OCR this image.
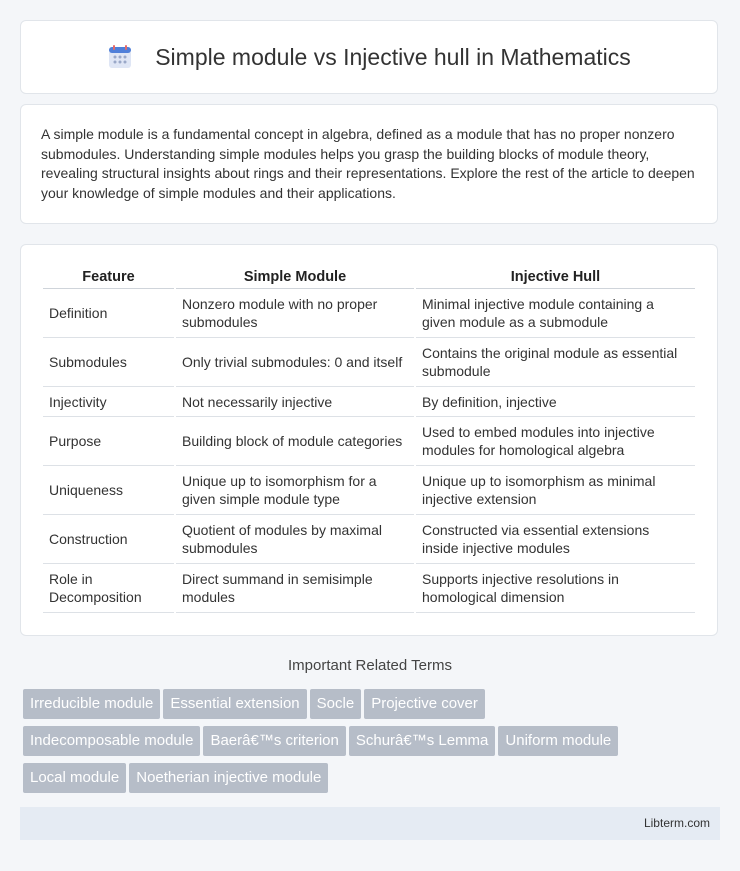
Simple module vs Injective hull in Mathematics

A simple module is a fundamental concept in algebra, defined as a module that has no proper nonzero submodules. Understanding simple modules helps you grasp the building blocks of module theory, revealing structural insights about rings and their representations. Explore the rest of the article to deepen your knowledge of simple modules and their applications.

Feature	Simple Module	Injective Hull
Definition	Nonzero module with no proper submodules	Minimal injective module containing a given module as a submodule
Submodules	Only trivial submodules: 0 and itself	Contains the original module as essential submodule
Injectivity	Not necessarily injective	By definition, injective
Purpose	Building block of module categories	Used to embed modules into injective modules for homological algebra
Uniqueness	Unique up to isomorphism for a given simple module type	Unique up to isomorphism as minimal injective extension
Construction	Quotient of modules by maximal submodules	Constructed via essential extensions inside injective modules
Role in Decomposition	Direct summand in semisimple modules	Supports injective resolutions in homological dimension
Important Related Terms
Irreducible module Essential extension Socle Projective cover
Indecomposable module Baerâ€™s criterion Schurâ€™s Lemma Uniform module
Local module Noetherian injective module
Libterm.com
